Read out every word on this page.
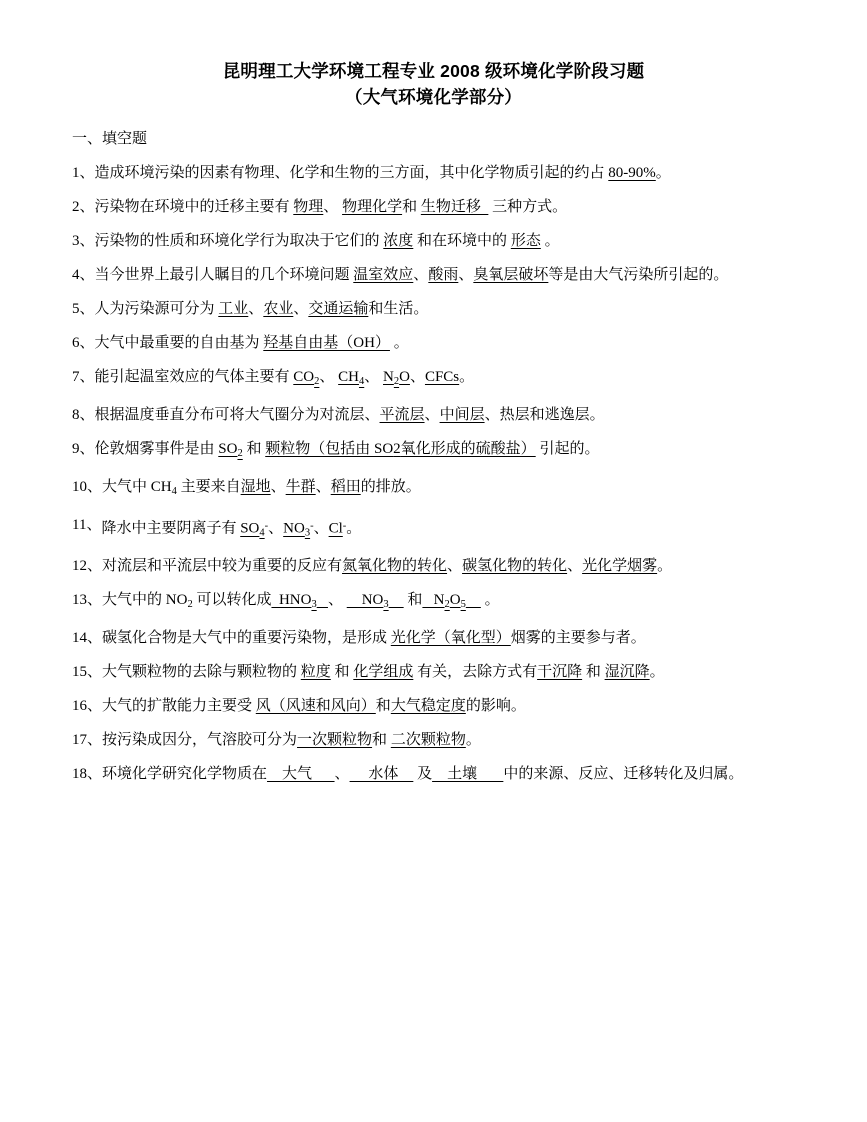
昆明理工大学环境工程专业 2008 级环境化学阶段习题
（大气环境化学部分）
一、填空题
1、 造成环境污染的因素有物理、化学和生物的三方面，其中化学物质引起的约占 80-90%。
2、 污染物在环境中的迁移主要有 物理、 物理化学和 生物迁移   三种方式。
3、 污染物的性质和环境化学行为取决于它们的 浓度 和在环境中的 形态 。
4、 当今世界上最引人瞩目的几个环境问题 温室效应、酸雨、臭氧层破坏等是由大气污染所引起的。
5、 人为污染源可分为 工业、农业、交通运输和生活。
6、 大气中最重要的自由基为 羟基自由基（OH） 。
7、 能引起温室效应的气体主要有 $CO_2$、 $CH_4$、 $N_2O$、CFCs。
8、 根据温度垂直分布可将大气圈分为对流层、平流层、中间层、热层和逃逸层。
9、 伦敦烟雾事件是由 $SO_2$ 和 颗粒物（包括由 SO2氧化形成的硫酸盐） 引起的。
10、 大气中 $CH_4$ 主要来自湿地、牛群、稻田的排放。
11、 降水中主要阴离子有 $SO_4^-$、$NO_3^-$、Cl-。
12、 对流层和平流层中较为重要的反应有氮氧化物的转化、碳氢化物的转化、光化学烟雾。
13、 大气中的 $NO_2$ 可以转化成  $HNO_3$ 、     $NO_3$     和   $N_2O_5$     。
14、 碳氢化合物是大气中的重要污染物，是形成 光化学（氧化型）烟雾的主要参与者。
15、 大气颗粒物的去除与颗粒物的 粒度 和 化学组成 有关，去除方式有干沉降 和 湿沉降。
16、 大气的扩散能力主要受 风（风速和风向）和大气稳定度的影响。
17、 按污染成因分，气溶胶可分为一次颗粒物和 二次颗粒物。
18、 环境化学研究化学物质在    大气      、     水体     及    土壤       中的来源、反应、迁移转化及归属。
